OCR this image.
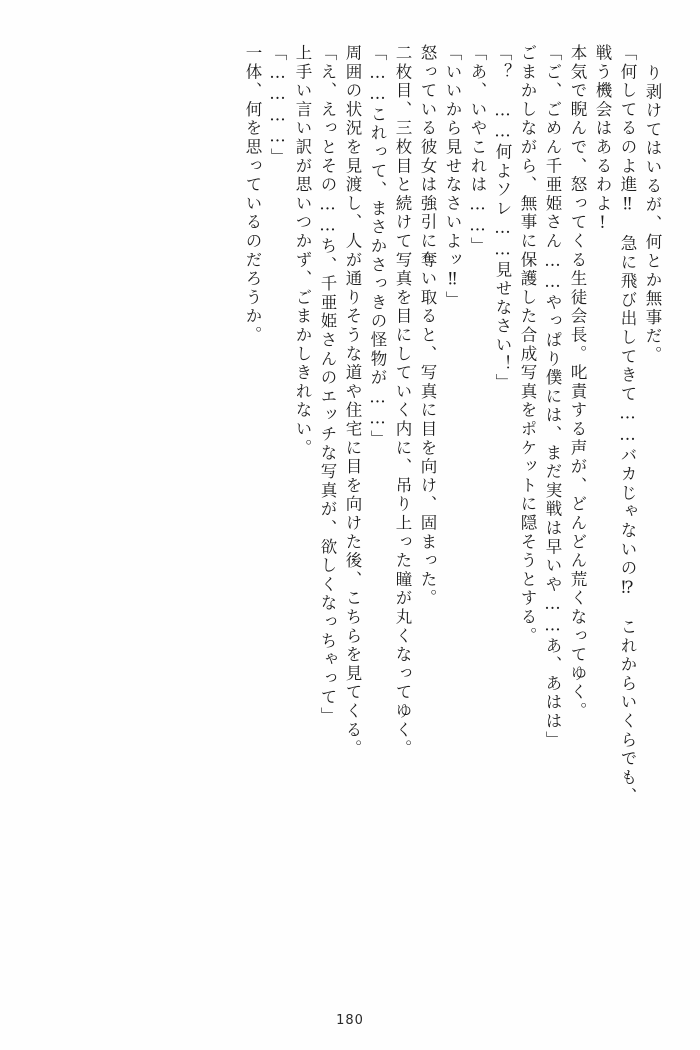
り剥けてはいるが、何とか無事だ。
「何してるのよ進‼　急に飛び出してきて……バカじゃないの⁉　これからいくらでも、
戦う機会はあるわよ!
本気で睨んで、怒ってくる生徒会長。叱責する声が、どんどん荒くなってゆく。
「ご、ごめん千亜姫さん……やっぱり僕には、まだ実戦は早いや……あ、あはは」
ごまかしながら、無事に保護した合成写真をポケットに隠そうとする。
「？　……何よソレ……見せなさい！」
「あ、いやこれは……」
「いいから見せなさいよッ‼」
怒っている彼女は強引に奪い取ると、写真に目を向け、固まった。
二枚目、三枚目と続けて写真を目にしていく内に、吊り上った瞳が丸くなってゆく。
「……これって、まさかさっきの怪物が……」
周囲の状況を見渡し、人が通りそうな道や住宅に目を向けた後、こちらを見てくる。
「え、えっとその……ち、千亜姫さんのエッチな写真が、欲しくなっちゃって」
上手い言い訳が思いつかず、ごまかしきれない。
「…………」
一体、何を思っているのだろうか。
180
